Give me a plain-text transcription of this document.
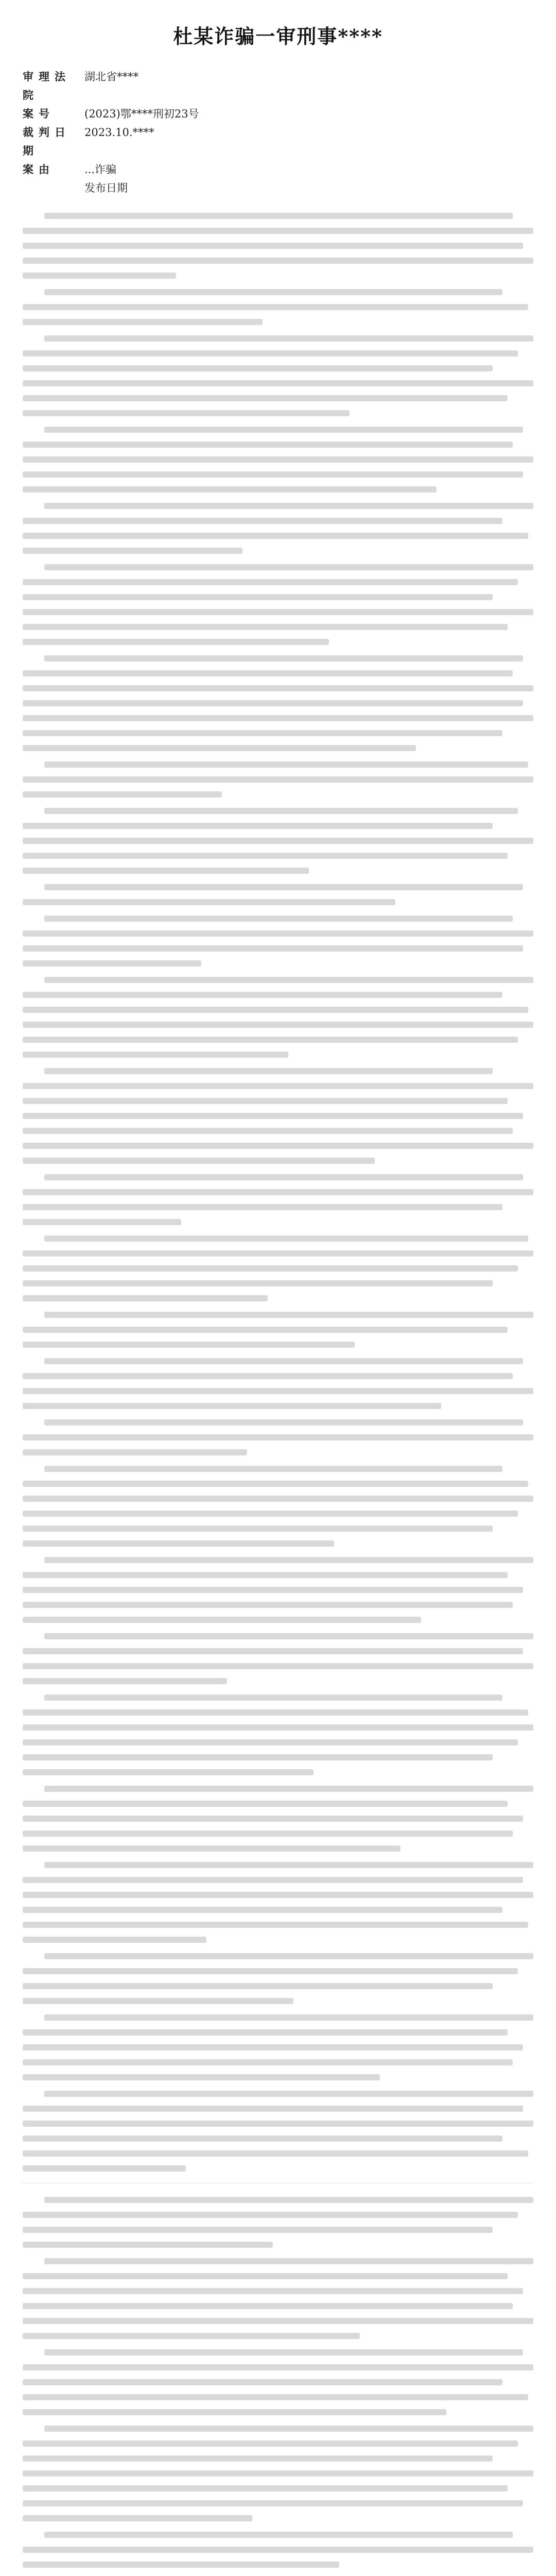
杜某诈骗一审刑事****
审理法院
湖北省****
案号	(2023)鄂****刑初23号
裁判日期
2023.10.****
案由	...诈骗
发布日期
